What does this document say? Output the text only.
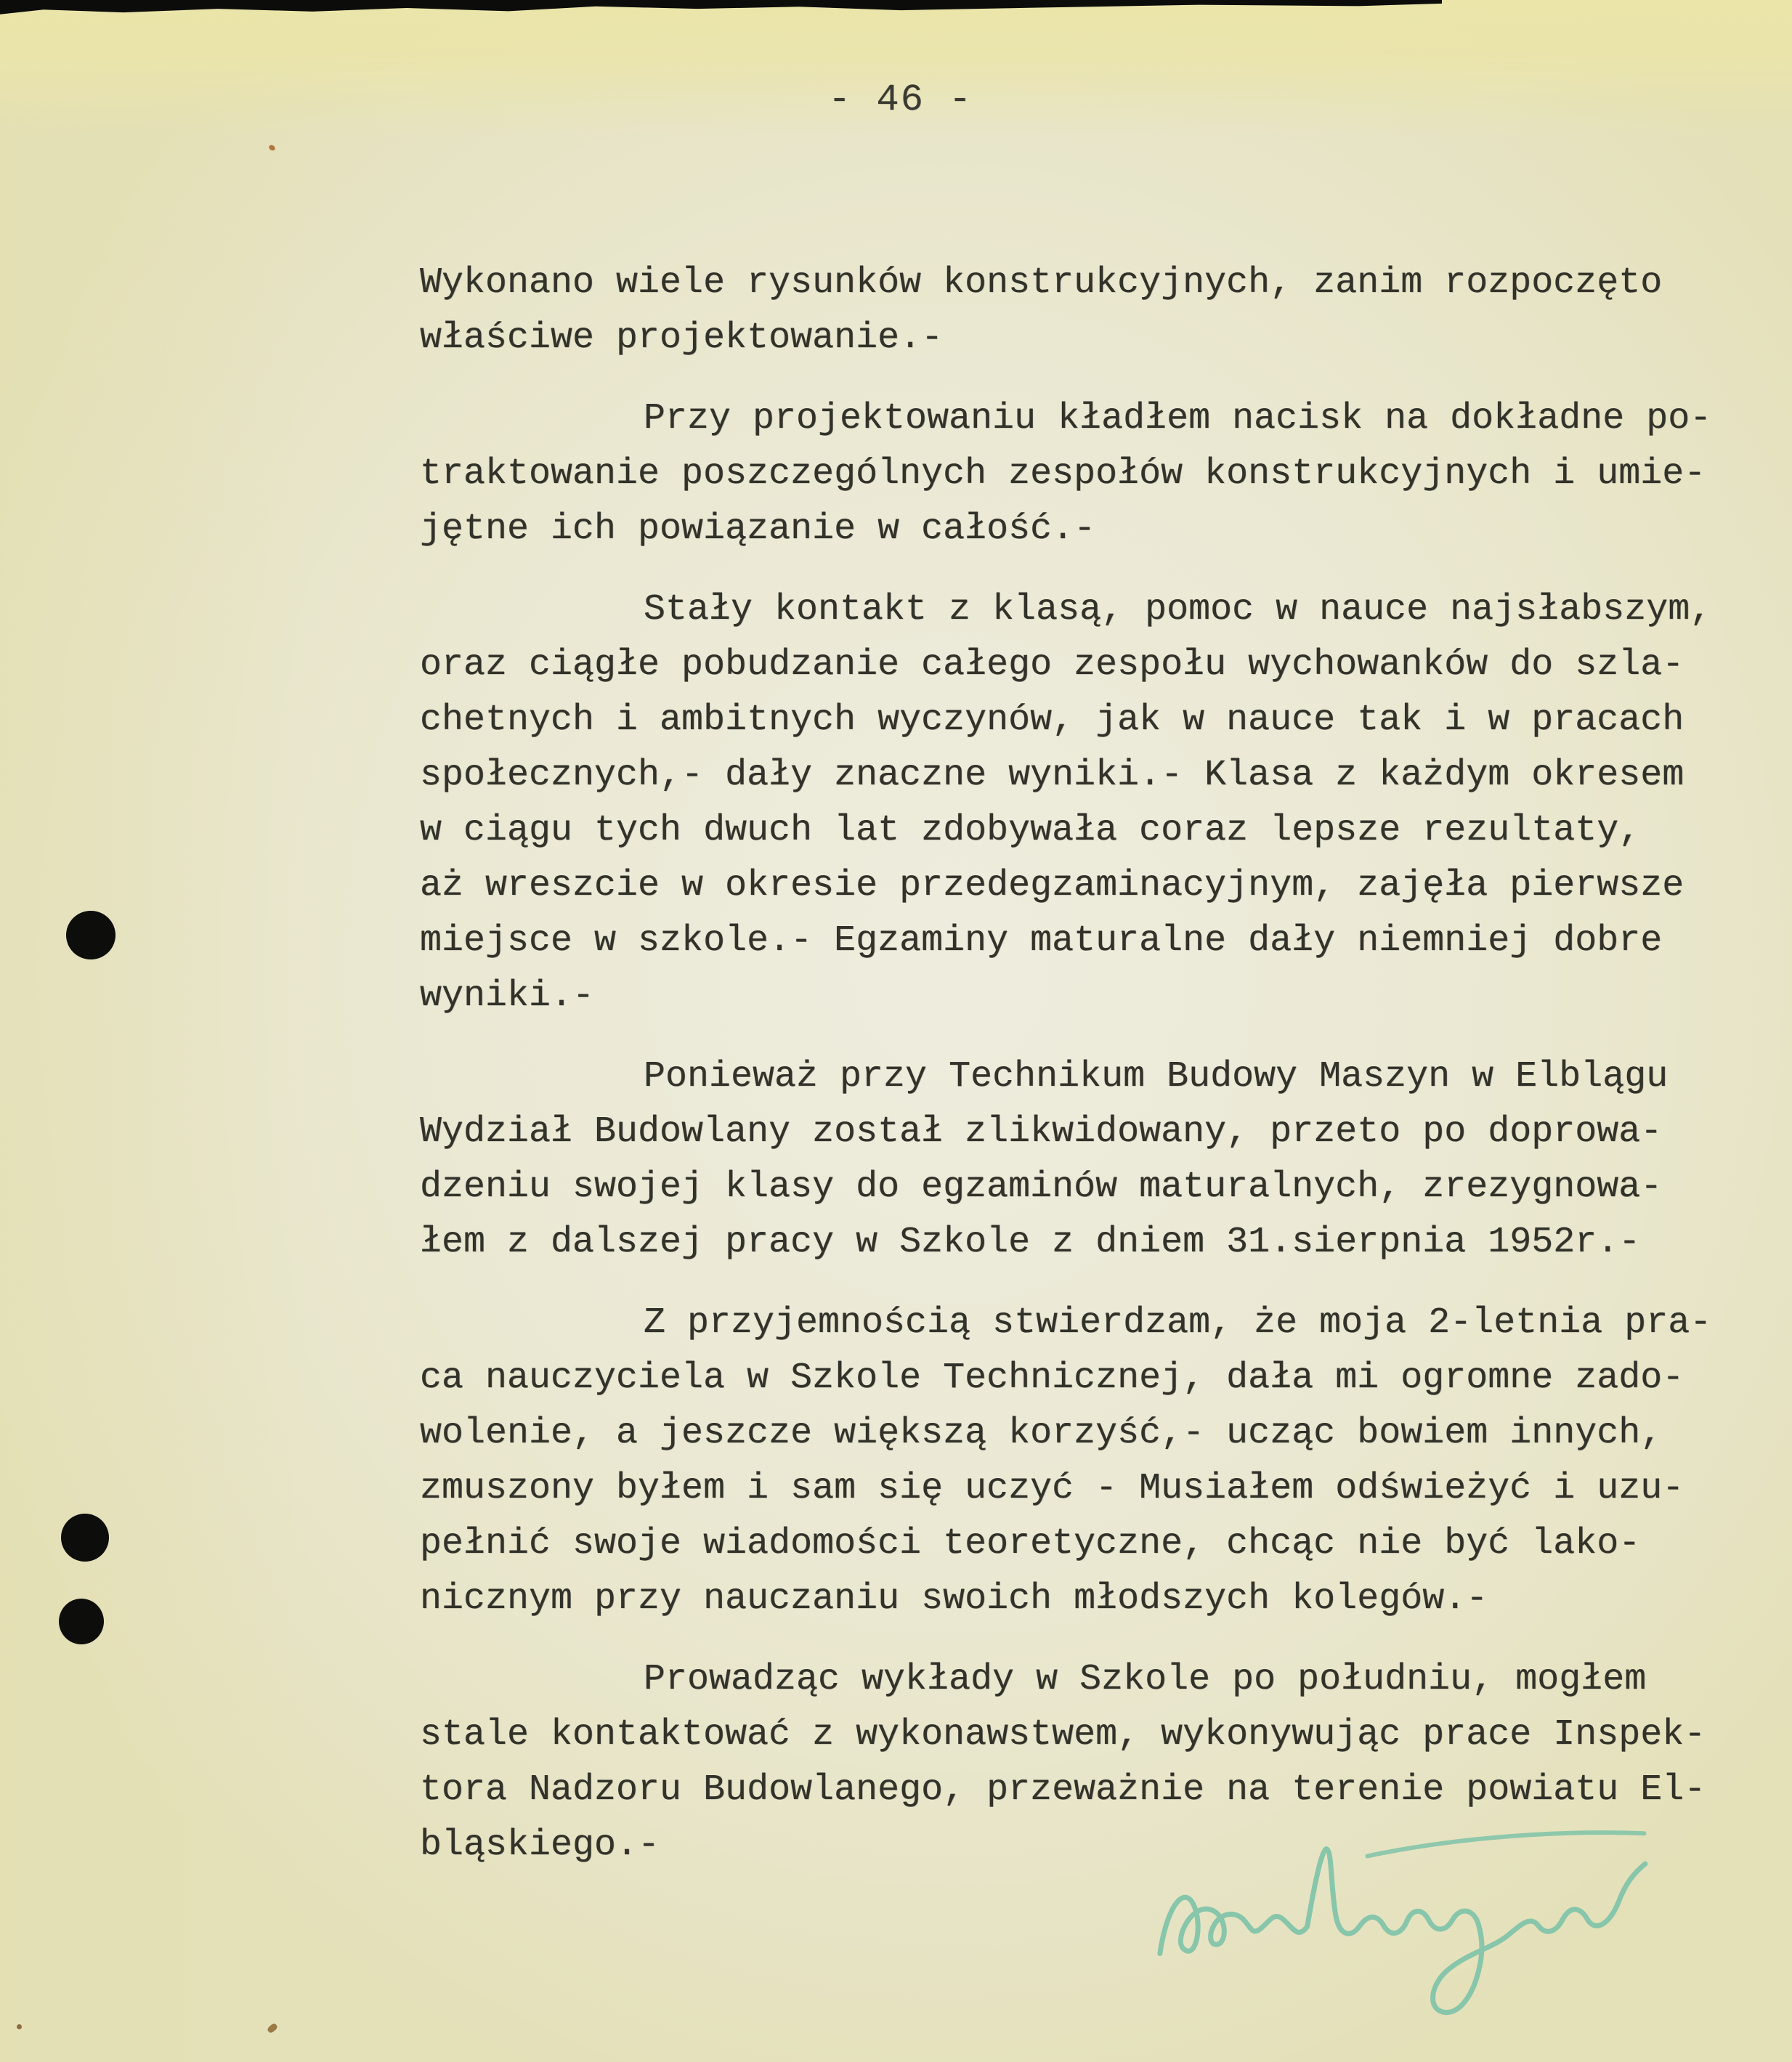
- 46 -

Wykonano wiele rysunków konstrukcyjnych, zanim rozpoczęto
właściwe projektowanie.-

Przy projektowaniu kładłem nacisk na dokładne po-
traktowanie poszczególnych zespołów konstrukcyjnych i umie-
jętne ich powiązanie w całość.-

Stały kontakt z klasą, pomoc w nauce najsłabszym,
oraz ciągłe pobudzanie całego zespołu wychowanków do szla-
chetnych i ambitnych wyczynów, jak w nauce tak i w pracach
społecznych,- dały znaczne wyniki.- Klasa z każdym okresem
w ciągu tych dwuch lat zdobywała coraz lepsze rezultaty,
aż wreszcie w okresie przedegzaminacyjnym, zajęła pierwsze
miejsce w szkole.- Egzaminy maturalne dały niemniej dobre
wyniki.-

Ponieważ przy Technikum Budowy Maszyn w Elblągu
Wydział Budowlany został zlikwidowany, przeto po doprowa-
dzeniu swojej klasy do egzaminów maturalnych, zrezygnowa-
łem z dalszej pracy w Szkole z dniem 31.sierpnia 1952r.-

Z przyjemnością stwierdzam, że moja 2-letnia pra-
ca nauczyciela w Szkole Technicznej, dała mi ogromne zado-
wolenie, a jeszcze większą korzyść,- ucząc bowiem innych,
zmuszony byłem i sam się uczyć - Musiałem odświeżyć i uzu-
pełnić swoje wiadomości teoretyczne, chcąc nie być lako-
nicznym przy nauczaniu swoich młodszych kolegów.-

Prowadząc wykłady w Szkole po południu, mogłem
stale kontaktować z wykonawstwem, wykonywując prace Inspek-
tora Nadzoru Budowlanego, przeważnie na terenie powiatu El-
bląskiego.-
